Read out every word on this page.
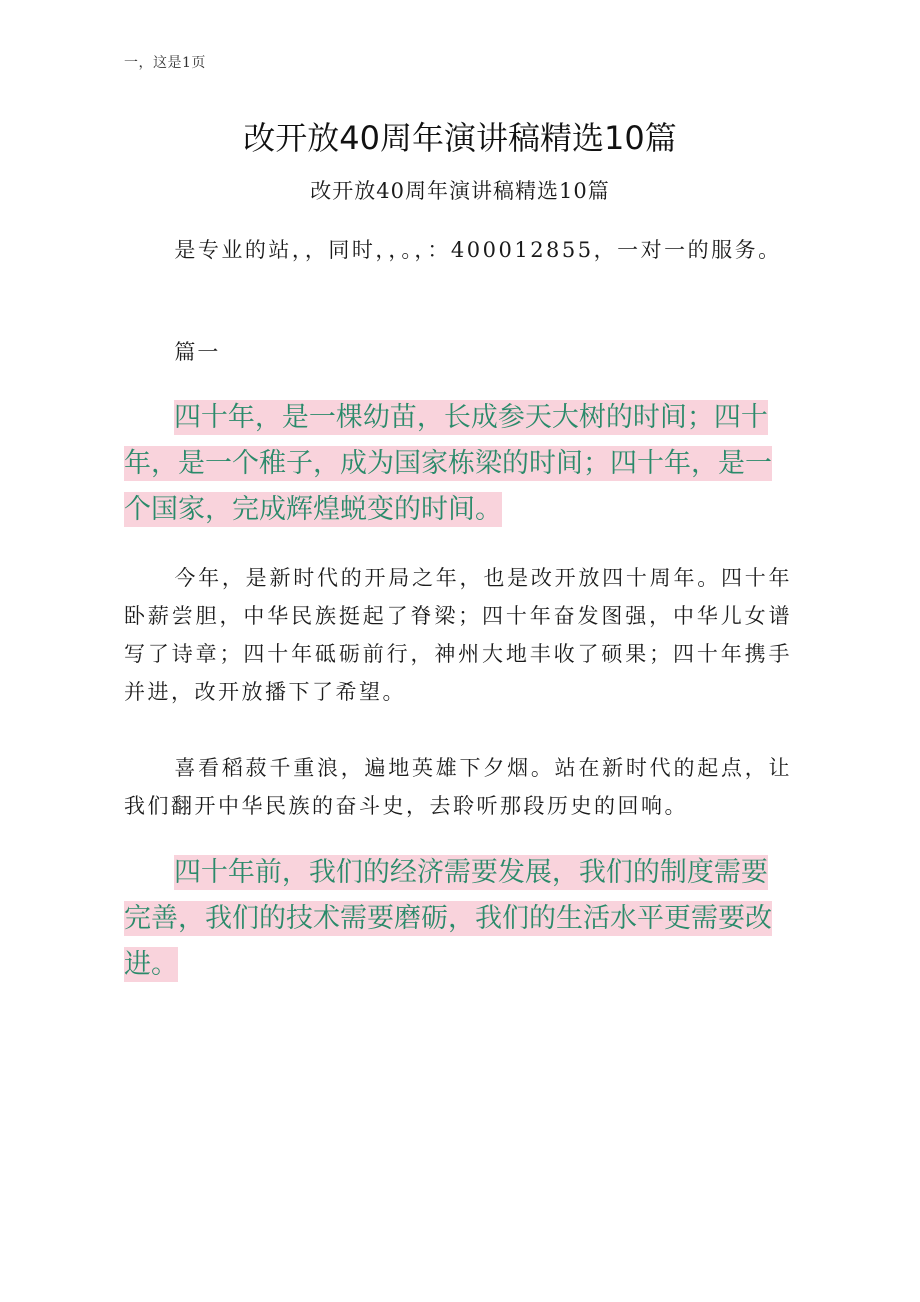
一，这是1页
改开放40周年演讲稿精选10篇
改开放40周年演讲稿精选10篇

是专业的站，，同时，，。，：400012855，一对一的服务。

篇一

四十年，是一棵幼苗，长成参天大树的时间；四十年，是一个稚子，成为国家栋梁的时间；四十年，是一个国家，完成辉煌蜕变的时间。

今年，是新时代的开局之年，也是改开放四十周年。四十年卧薪尝胆，中华民族挺起了脊梁；四十年奋发图强，中华儿女谱写了诗章；四十年砥砺前行，神州大地丰收了硕果；四十年携手并进，改开放播下了希望。

喜看稻菽千重浪，遍地英雄下夕烟。站在新时代的起点，让我们翻开中华民族的奋斗史，去聆听那段历史的回响。

四十年前，我们的经济需要发展，我们的制度需要完善，我们的技术需要磨砺，我们的生活水平更需要改进。
